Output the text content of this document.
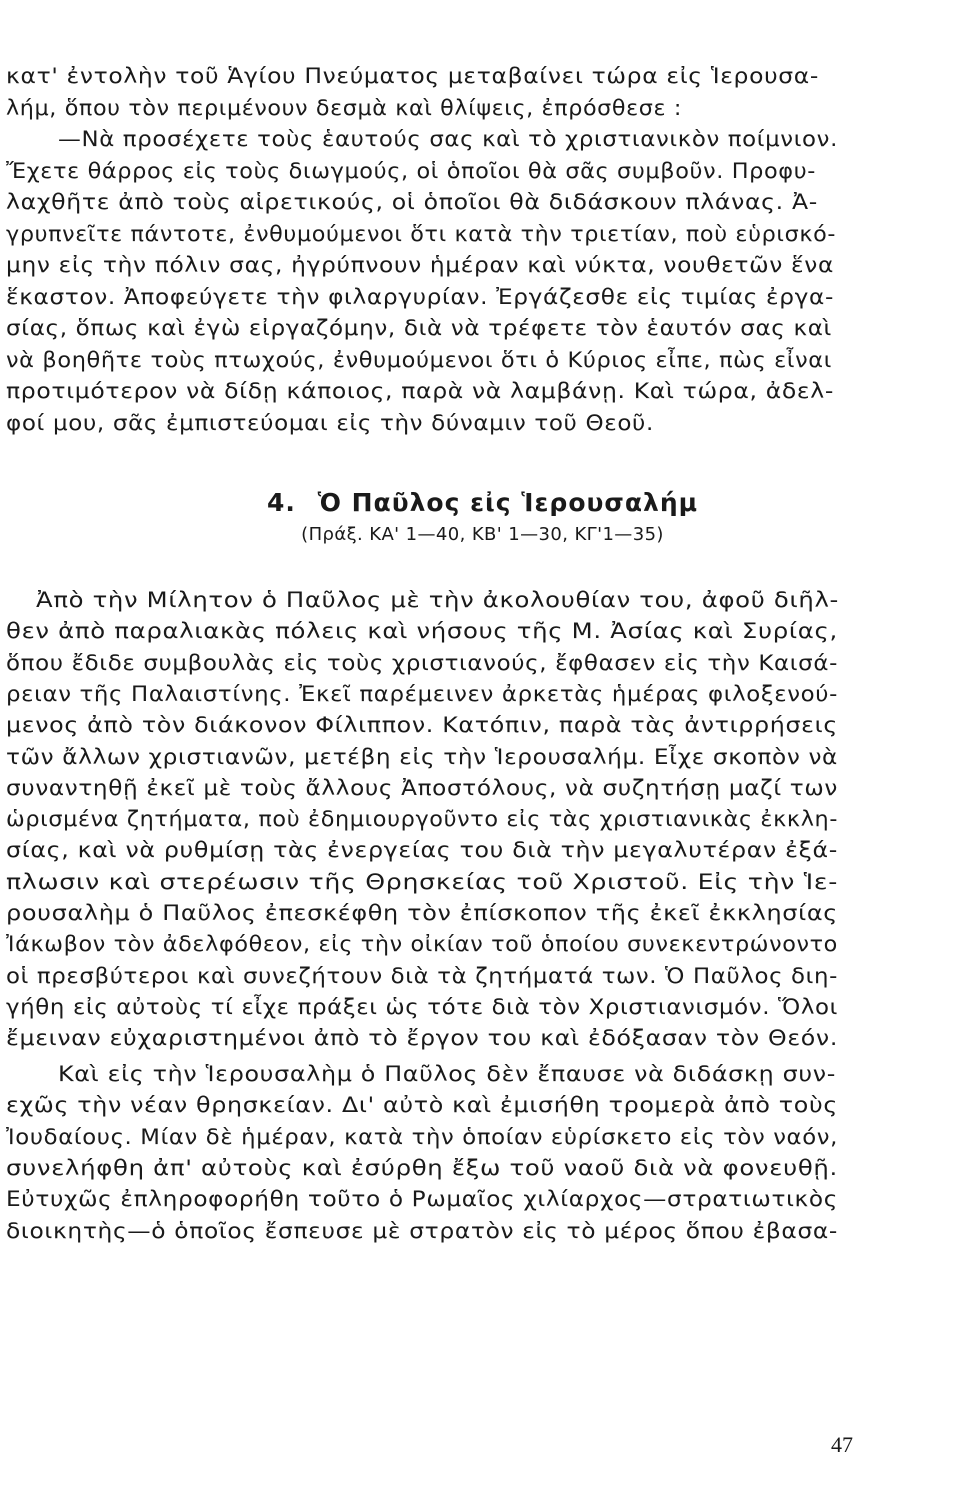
κατ' ἐντολὴν τοῦ Ἁγίου Πνεύματος μεταβαίνει τώρα εἰς Ἱερουσα-
λήμ, ὅπου τὸν περιμένουν δεσμὰ καὶ θλίψεις, ἐπρόσθεσε :
—Νὰ προσέχετε τοὺς ἑαυτούς σας καὶ τὸ χριστιανικὸν ποίμνιον.
Ἔχετε θάρρος εἰς τοὺς διωγμούς, οἱ ὁποῖοι θὰ σᾶς συμβοῦν. Προφυ-
λαχθῆτε ἀπὸ τοὺς αἱρετικούς, οἱ ὁποῖοι θὰ διδάσκουν πλάνας. Ἀ-
γρυπνεῖτε πάντοτε, ἐνθυμούμενοι ὅτι κατὰ τὴν τριετίαν, ποὺ εὑρισκό-
μην εἰς τὴν πόλιν σας, ἠγρύπνουν ἡμέραν καὶ νύκτα, νουθετῶν ἕνα
ἕκαστον. Ἀποφεύγετε τὴν φιλαργυρίαν. Ἐργάζεσθε εἰς τιμίας ἐργα-
σίας, ὅπως καὶ ἐγὼ εἰργαζόμην, διὰ νὰ τρέφετε τὸν ἑαυτόν σας καὶ
νὰ βοηθῆτε τοὺς πτωχούς, ἐνθυμούμενοι ὅτι ὁ Κύριος εἶπε, πὼς εἶναι
προτιμότερον νὰ δίδῃ κάποιος, παρὰ νὰ λαμβάνῃ. Καὶ τώρα, ἀδελ-
φοί μου, σᾶς ἐμπιστεύομαι εἰς τὴν δύναμιν τοῦ Θεοῦ.
4. Ὁ Παῦλος εἰς Ἱερουσαλήμ
(Πράξ. ΚΑ' 1—40, ΚΒ' 1—30, ΚΓ'1—35)
Ἀπὸ τὴν Μίλητον ὁ Παῦλος μὲ τὴν ἀκολουθίαν του, ἀφοῦ διῆλ-
θεν ἀπὸ παραλιακὰς πόλεις καὶ νήσους τῆς Μ. Ἀσίας καὶ Συρίας,
ὅπου ἔδιδε συμβουλὰς εἰς τοὺς χριστιανούς, ἔφθασεν εἰς τὴν Καισά-
ρειαν τῆς Παλαιστίνης. Ἐκεῖ παρέμεινεν ἀρκετὰς ἡμέρας φιλοξενού-
μενος ἀπὸ τὸν διάκονον Φίλιππον. Κατόπιν, παρὰ τὰς ἀντιρρήσεις
τῶν ἄλλων χριστιανῶν, μετέβη εἰς τὴν Ἱερουσαλήμ. Εἶχε σκοπὸν νὰ
συναντηθῇ ἐκεῖ μὲ τοὺς ἄλλους Ἀποστόλους, νὰ συζητήσῃ μαζί των
ὡρισμένα ζητήματα, ποὺ ἐδημιουργοῦντο εἰς τὰς χριστιανικὰς ἐκκλη-
σίας, καὶ νὰ ρυθμίσῃ τὰς ἐνεργείας του διὰ τὴν μεγαλυτέραν ἐξά-
πλωσιν καὶ στερέωσιν τῆς Θρησκείας τοῦ Χριστοῦ. Εἰς τὴν Ἱε-
ρουσαλὴμ ὁ Παῦλος ἐπεσκέφθη τὸν ἐπίσκοπον τῆς ἐκεῖ ἐκκλησίας
Ἰάκωβον τὸν ἀδελφόθεον, εἰς τὴν οἰκίαν τοῦ ὁποίου συνεκεντρώνοντο
οἱ πρεσβύτεροι καὶ συνεζήτουν διὰ τὰ ζητήματά των. Ὁ Παῦλος διη-
γήθη εἰς αὐτοὺς τί εἶχε πράξει ὡς τότε διὰ τὸν Χριστιανισμόν. Ὅλοι
ἔμειναν εὐχαριστημένοι ἀπὸ τὸ ἔργον του καὶ ἐδόξασαν τὸν Θεόν.
Καὶ εἰς τὴν Ἱερουσαλὴμ ὁ Παῦλος δὲν ἔπαυσε νὰ διδάσκῃ συν-
εχῶς τὴν νέαν θρησκείαν. Δι' αὐτὸ καὶ ἐμισήθη τρομερὰ ἀπὸ τοὺς
Ἰουδαίους. Μίαν δὲ ἡμέραν, κατὰ τὴν ὁποίαν εὑρίσκετο εἰς τὸν ναόν,
συνελήφθη ἀπ' αὐτοὺς καὶ ἐσύρθη ἔξω τοῦ ναοῦ διὰ νὰ φονευθῇ.
Εὐτυχῶς ἐπληροφορήθη τοῦτο ὁ Ρωμαῖος χιλίαρχος—στρατιωτικὸς
διοικητὴς—ὁ ὁποῖος ἔσπευσε μὲ στρατὸν εἰς τὸ μέρος ὅπου ἐβασα-
47
